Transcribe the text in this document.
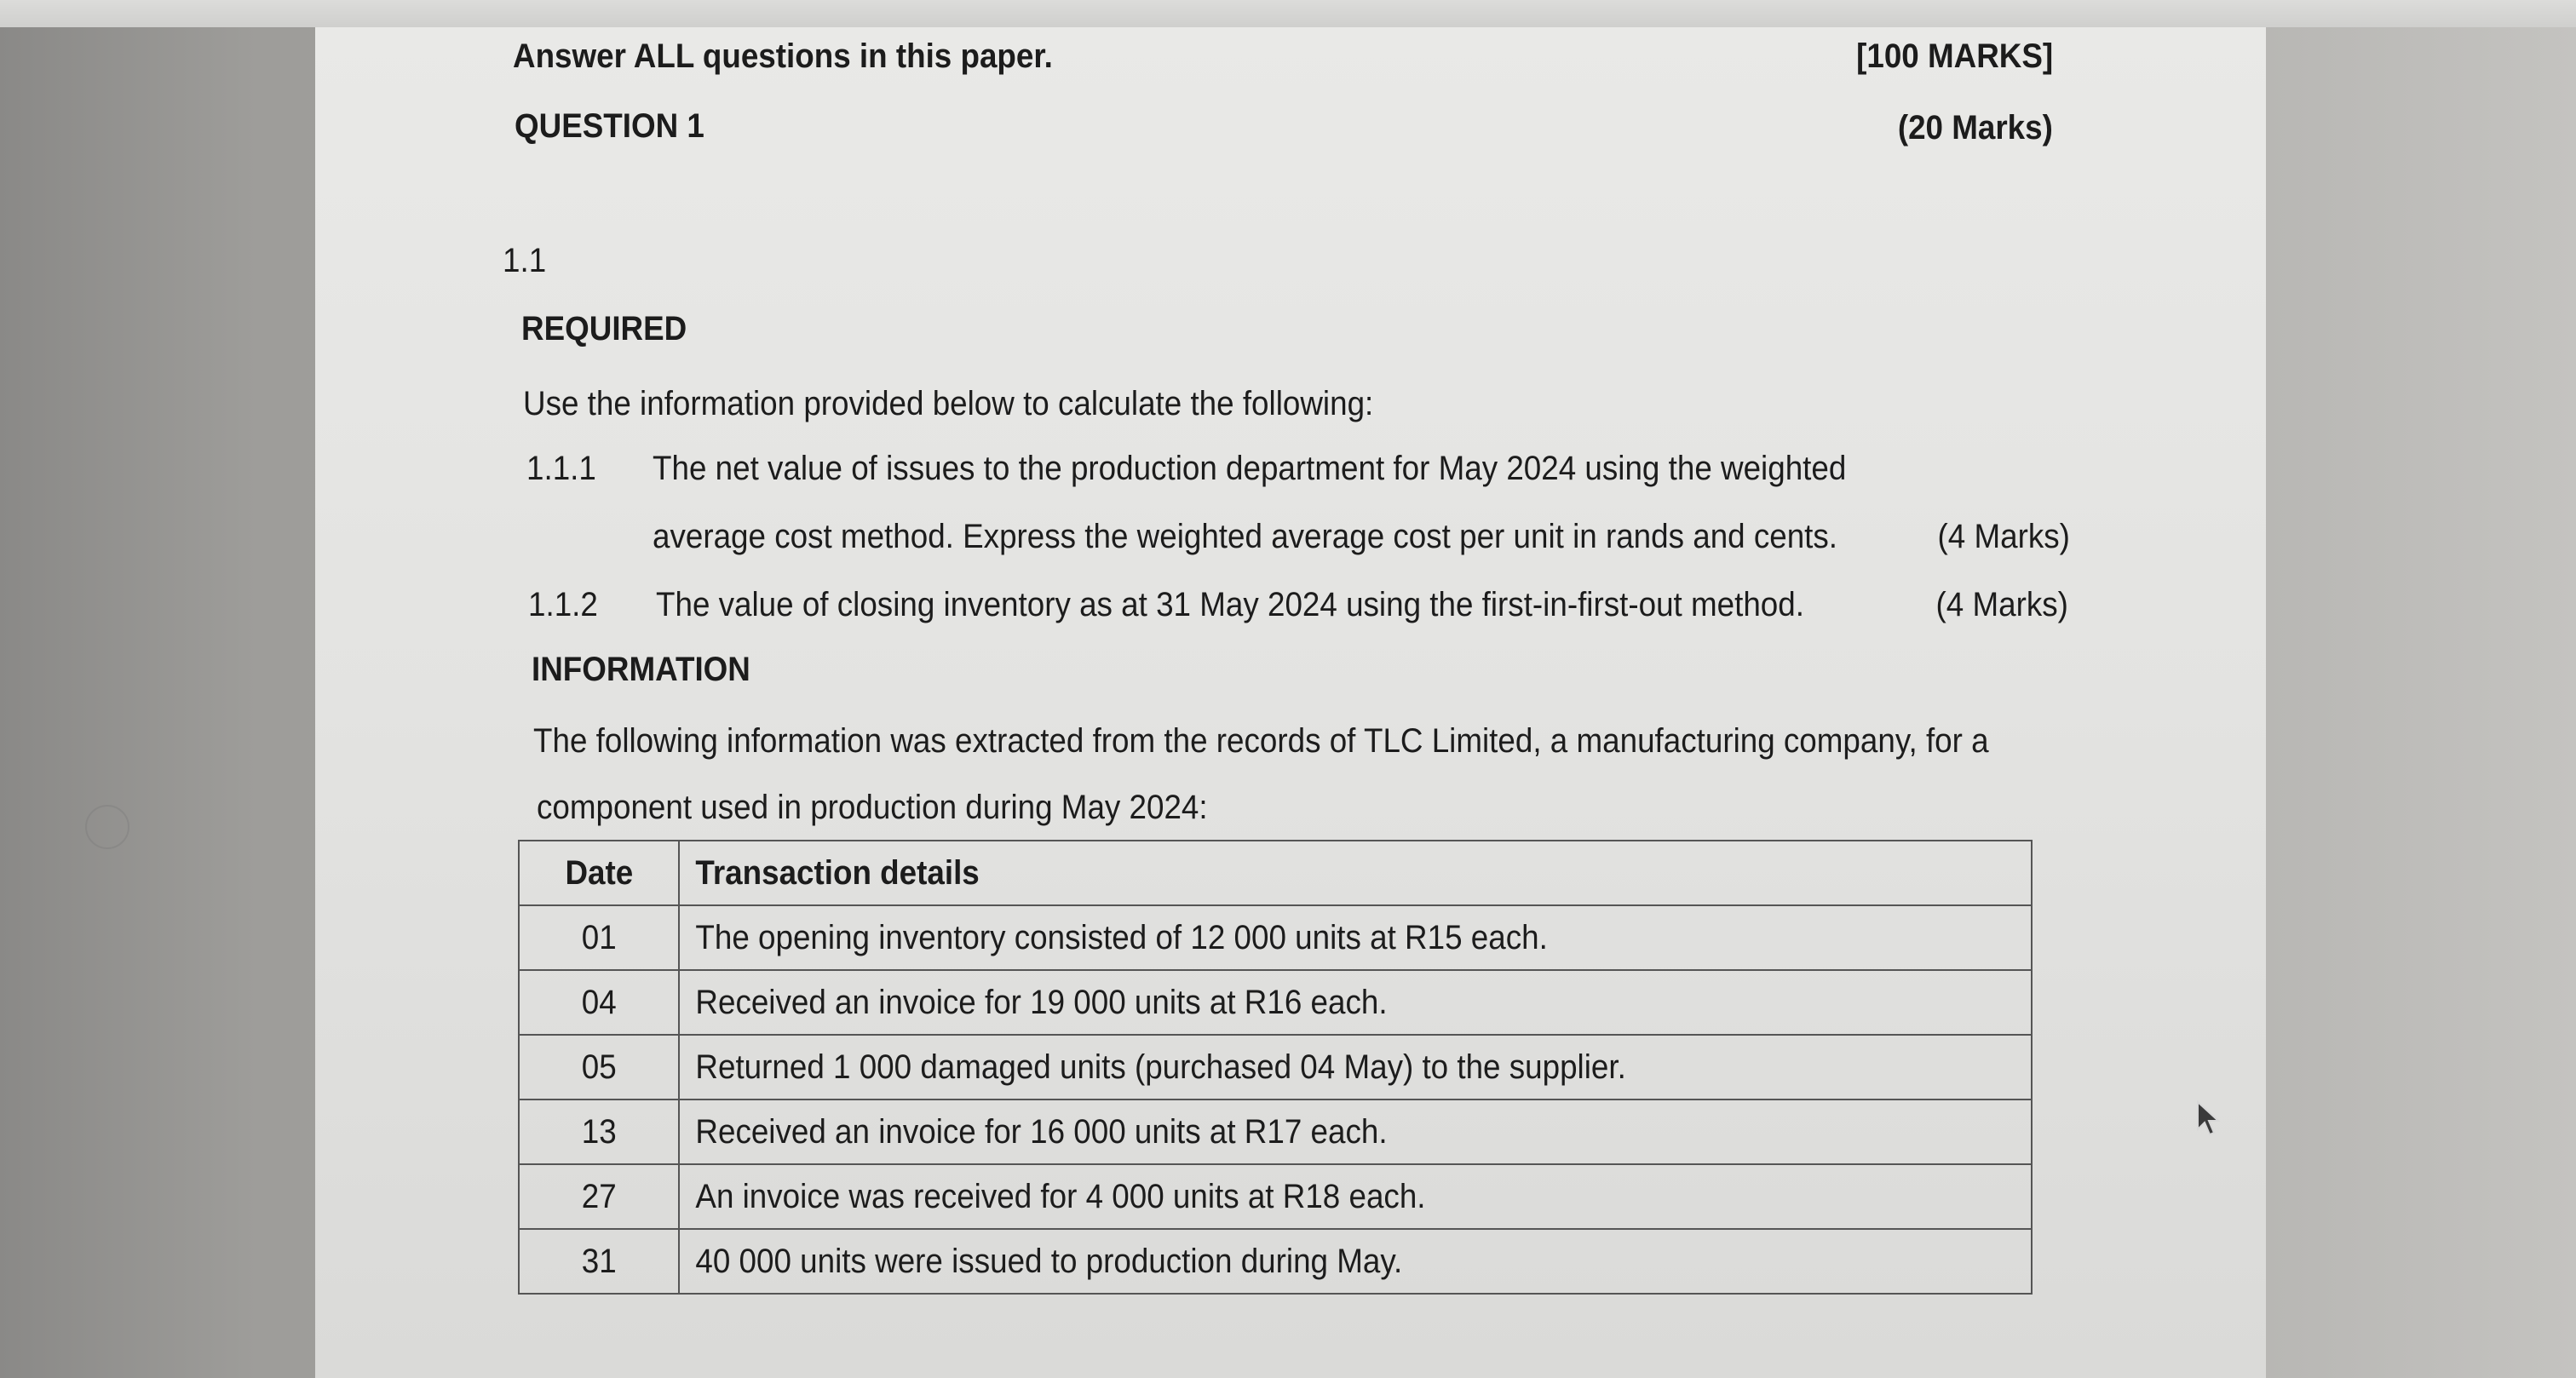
Answer ALL questions in this paper.	[100 MARKS]
QUESTION 1	(20 Marks)
1.1
REQUIRED
Use the information provided below to calculate the following:
1.1.1 The net value of issues to the production department for May 2024 using the weighted
average cost method. Express the weighted average cost per unit in rands and cents.	(4 Marks)
1.1.2 The value of closing inventory as at 31 May 2024 using the first-in-first-out method.	(4 Marks)
INFORMATION
The following information was extracted from the records of TLC Limited, a manufacturing company, for a
component used in production during May 2024:
Date	Transaction details
01	The opening inventory consisted of 12 000 units at R15 each.
04	Received an invoice for 19 000 units at R16 each.
05	Returned 1 000 damaged units (purchased 04 May) to the supplier.
13	Received an invoice for 16 000 units at R17 each.
27	An invoice was received for 4 000 units at R18 each.
31	40 000 units were issued to production during May.
